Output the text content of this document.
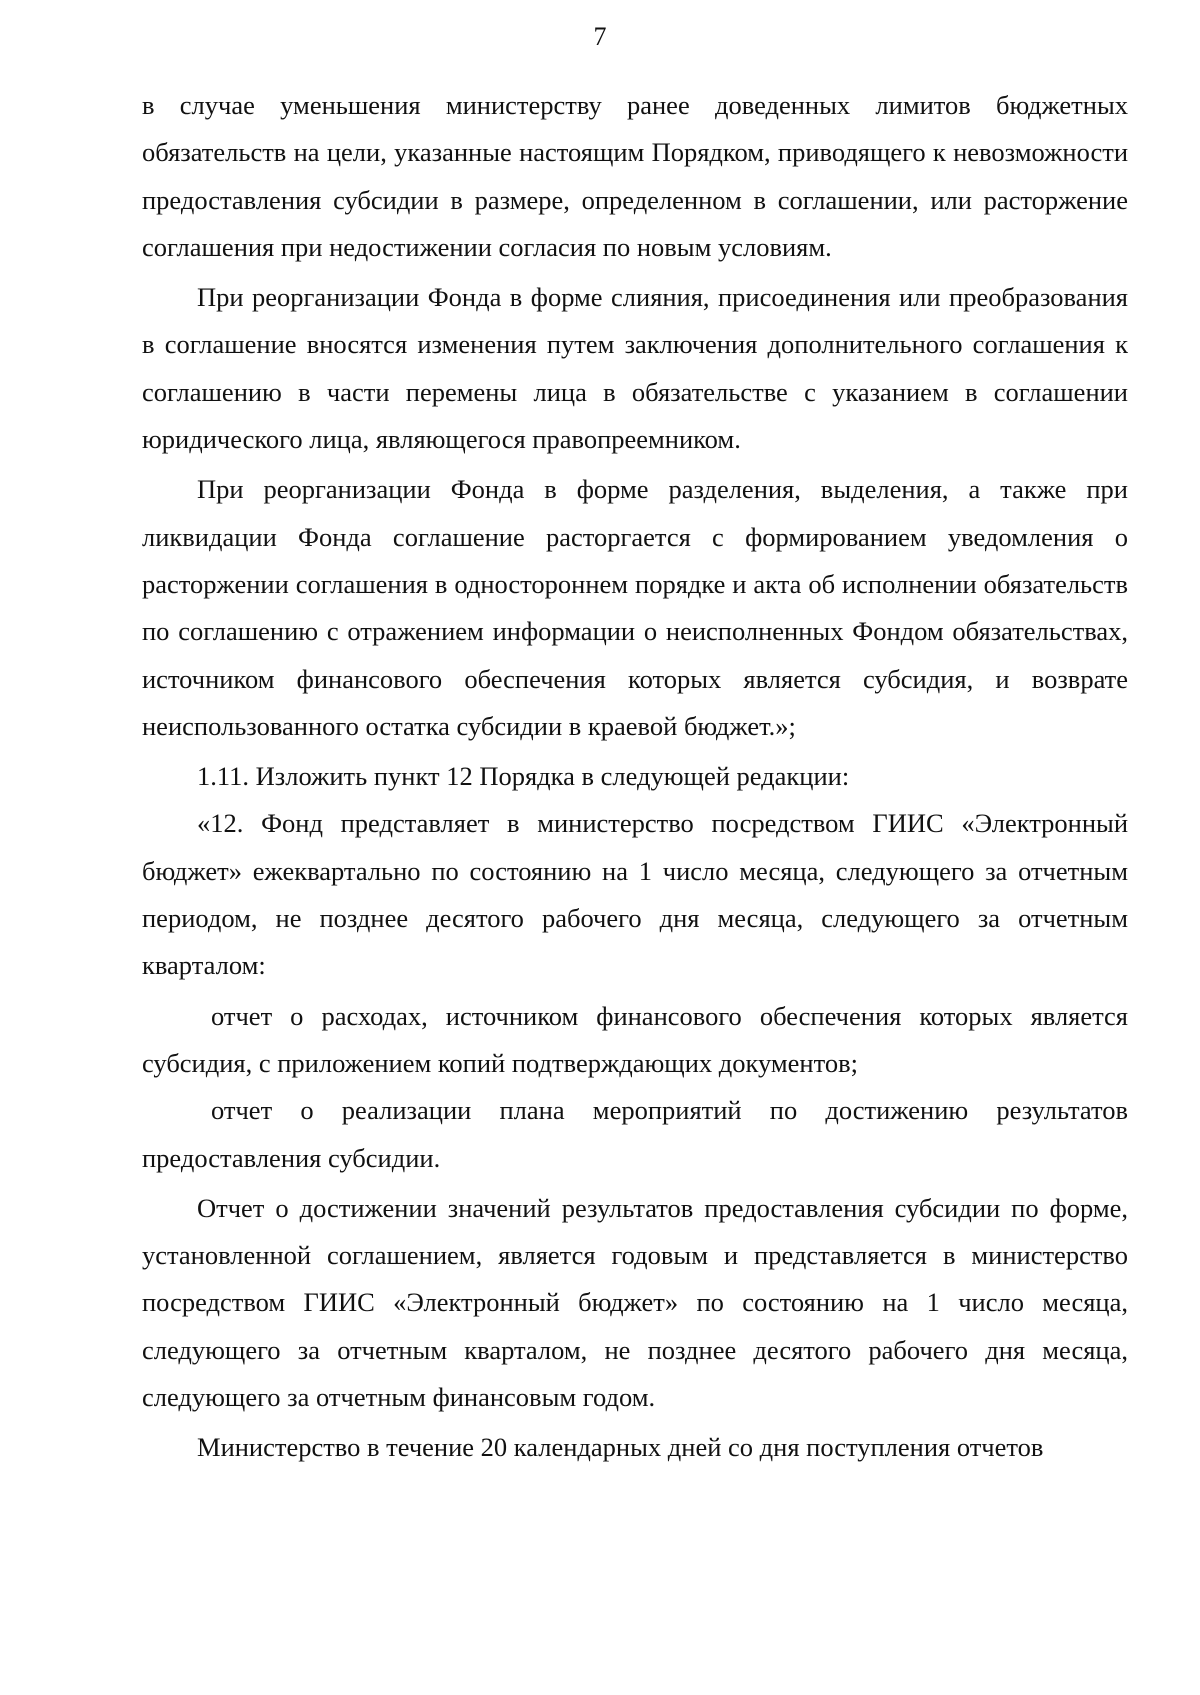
7

в случае уменьшения министерству ранее доведенных лимитов бюджетных обязательств на цели, указанные настоящим Порядком, приводящего к невозможности предоставления субсидии в размере, определенном в соглашении, или расторжение соглашения при недостижении согласия по новым условиям.

При реорганизации Фонда в форме слияния, присоединения или преобразования в соглашение вносятся изменения путем заключения дополнительного соглашения к соглашению в части перемены лица в обязательстве с указанием в соглашении юридического лица, являющегося правопреемником.

При реорганизации Фонда в форме разделения, выделения, а также при ликвидации Фонда соглашение расторгается с формированием уведомления о расторжении соглашения в одностороннем порядке и акта об исполнении обязательств по соглашению с отражением информации о неисполненных Фондом обязательствах, источником финансового обеспечения которых является субсидия, и возврате неиспользованного остатка субсидии в краевой бюджет.»;

1.11. Изложить пункт 12 Порядка в следующей редакции:

«12. Фонд представляет в министерство посредством ГИИС «Электронный бюджет» ежеквартально по состоянию на 1 число месяца, следующего за отчетным периодом, не позднее десятого рабочего дня месяца, следующего за отчетным кварталом:

отчет о расходах, источником финансового обеспечения которых является субсидия, с приложением копий подтверждающих документов;

отчет о реализации плана мероприятий по достижению результатов предоставления субсидии.

Отчет о достижении значений результатов предоставления субсидии по форме, установленной соглашением, является годовым и представляется в министерство посредством ГИИС «Электронный бюджет» по состоянию на 1 число месяца, следующего за отчетным кварталом, не позднее десятого рабочего дня месяца, следующего за отчетным финансовым годом.

Министерство в течение 20 календарных дней со дня поступления отчетов
